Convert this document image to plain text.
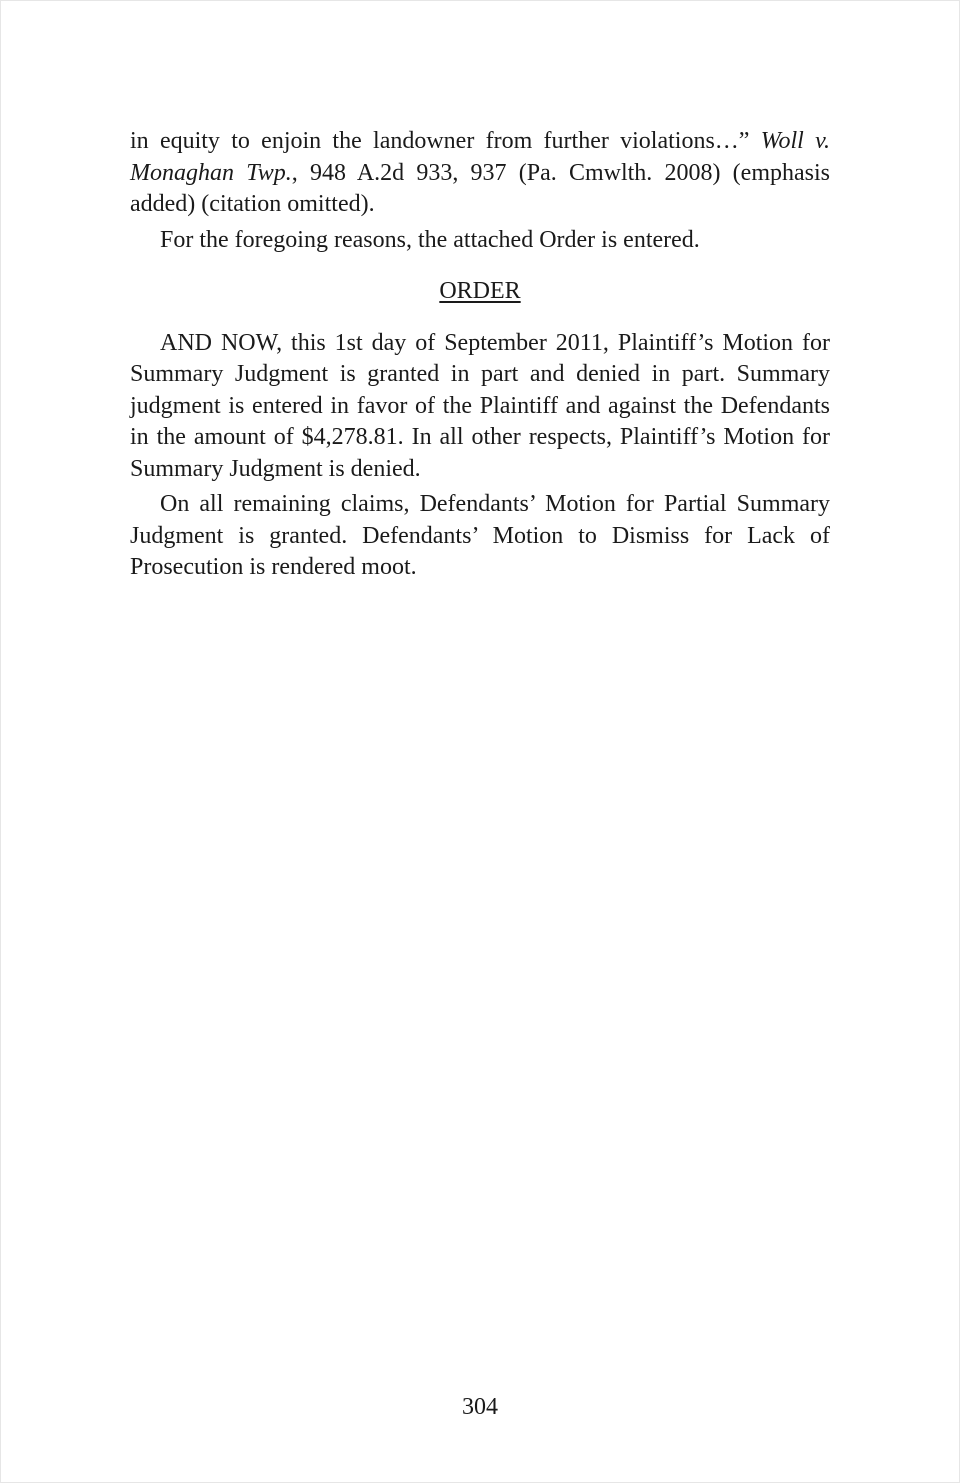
in equity to enjoin the landowner from further violations…” Woll v. Monaghan Twp., 948 A.2d 933, 937 (Pa. Cmwlth. 2008) (emphasis added) (citation omitted).

For the foregoing reasons, the attached Order is entered.

ORDER

AND NOW, this 1st day of September 2011, Plaintiff’s Motion for Summary Judgment is granted in part and denied in part. Summary judgment is entered in favor of the Plaintiff and against the Defendants in the amount of $4,278.81. In all other respects, Plaintiff’s Motion for Summary Judgment is denied.

On all remaining claims, Defendants’ Motion for Partial Summary Judgment is granted. Defendants’ Motion to Dismiss for Lack of Prosecution is rendered moot.

304
